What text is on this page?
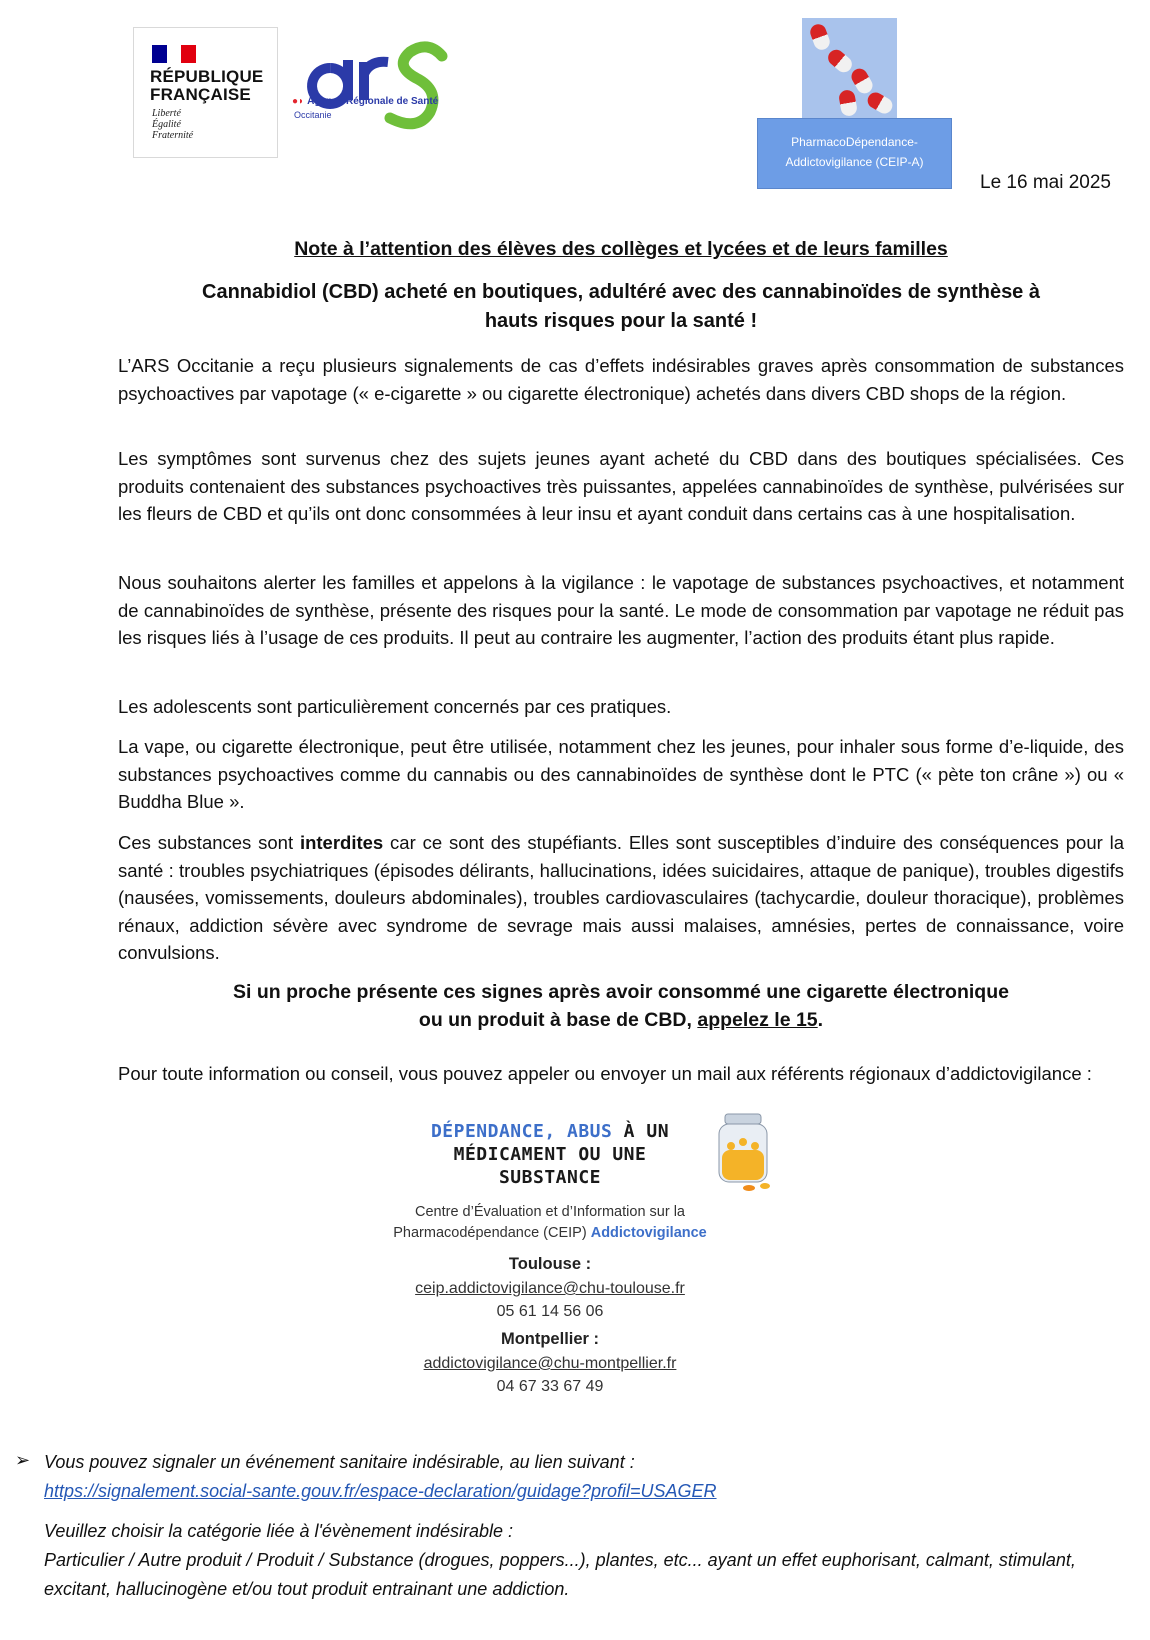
RÉPUBLIQUE
FRANÇAISE
Liberté
Égalité
Fraternité
●◗ Agence Régionale de Santé
Occitanie
PharmacoDépendance-
Addictovigilance (CEIP-A)
Le 16 mai 2025
Note à l’attention des élèves des collèges et lycées et de leurs familles
Cannabidiol (CBD) acheté en boutiques, adultéré avec des cannabinoïdes de synthèse à
hauts risques pour la santé !

L’ARS Occitanie a reçu plusieurs signalements de cas d’effets indésirables graves après consommation de substances psychoactives par vapotage (« e-cigarette » ou cigarette électronique) achetés dans divers CBD shops de la région.

Les symptômes sont survenus chez des sujets jeunes ayant acheté du CBD dans des boutiques spécialisées. Ces produits contenaient des substances psychoactives très puissantes, appelées cannabinoïdes de synthèse, pulvérisées sur les fleurs de CBD et qu’ils ont donc consommées à leur insu et ayant conduit dans certains cas à une hospitalisation.

Nous souhaitons alerter les familles et appelons à la vigilance : le vapotage de substances psychoactives, et notamment de cannabinoïdes de synthèse, présente des risques pour la santé. Le mode de consommation par vapotage ne réduit pas les risques liés à l’usage de ces produits. Il peut au contraire les augmenter, l’action des produits étant plus rapide.

Les adolescents sont particulièrement concernés par ces pratiques.

La vape, ou cigarette électronique, peut être utilisée, notamment chez les jeunes, pour inhaler sous forme d’e-liquide, des substances psychoactives comme du cannabis ou des cannabinoïdes de synthèse dont le PTC (« pète ton crâne ») ou « Buddha Blue ».

Ces substances sont interdites car ce sont des stupéfiants. Elles sont susceptibles d’induire des conséquences pour la santé : troubles psychiatriques (épisodes délirants, hallucinations, idées suicidaires, attaque de panique), troubles digestifs (nausées, vomissements, douleurs abdominales), troubles cardiovasculaires (tachycardie, douleur thoracique), problèmes rénaux, addiction sévère avec syndrome de sevrage mais aussi malaises, amnésies, pertes de connaissance, voire convulsions.

Si un proche présente ces signes après avoir consommé une cigarette électronique
ou un produit à base de CBD, appelez le 15.

Pour toute information ou conseil, vous pouvez appeler ou envoyer un mail aux référents régionaux d’addictovigilance :

DÉPENDANCE, ABUS À UN
MÉDICAMENT OU UNE
SUBSTANCE
Centre d’Évaluation et d’Information sur la
Pharmacodépendance (CEIP) Addictovigilance
Toulouse :
ceip.addictovigilance@chu-toulouse.fr
05 61 14 56 06
Montpellier :
addictovigilance@chu-montpellier.fr
04 67 33 67 49
➢ Vous pouvez signaler un événement sanitaire indésirable, au lien suivant :
https://signalement.social-sante.gouv.fr/espace-declaration/guidage?profil=USAGER
Veuillez choisir la catégorie liée à l'évènement indésirable :
Particulier / Autre produit / Produit / Substance (drogues, poppers...), plantes, etc... ayant un effet euphorisant, calmant, stimulant, excitant, hallucinogène et/ou tout produit entrainant une addiction.
